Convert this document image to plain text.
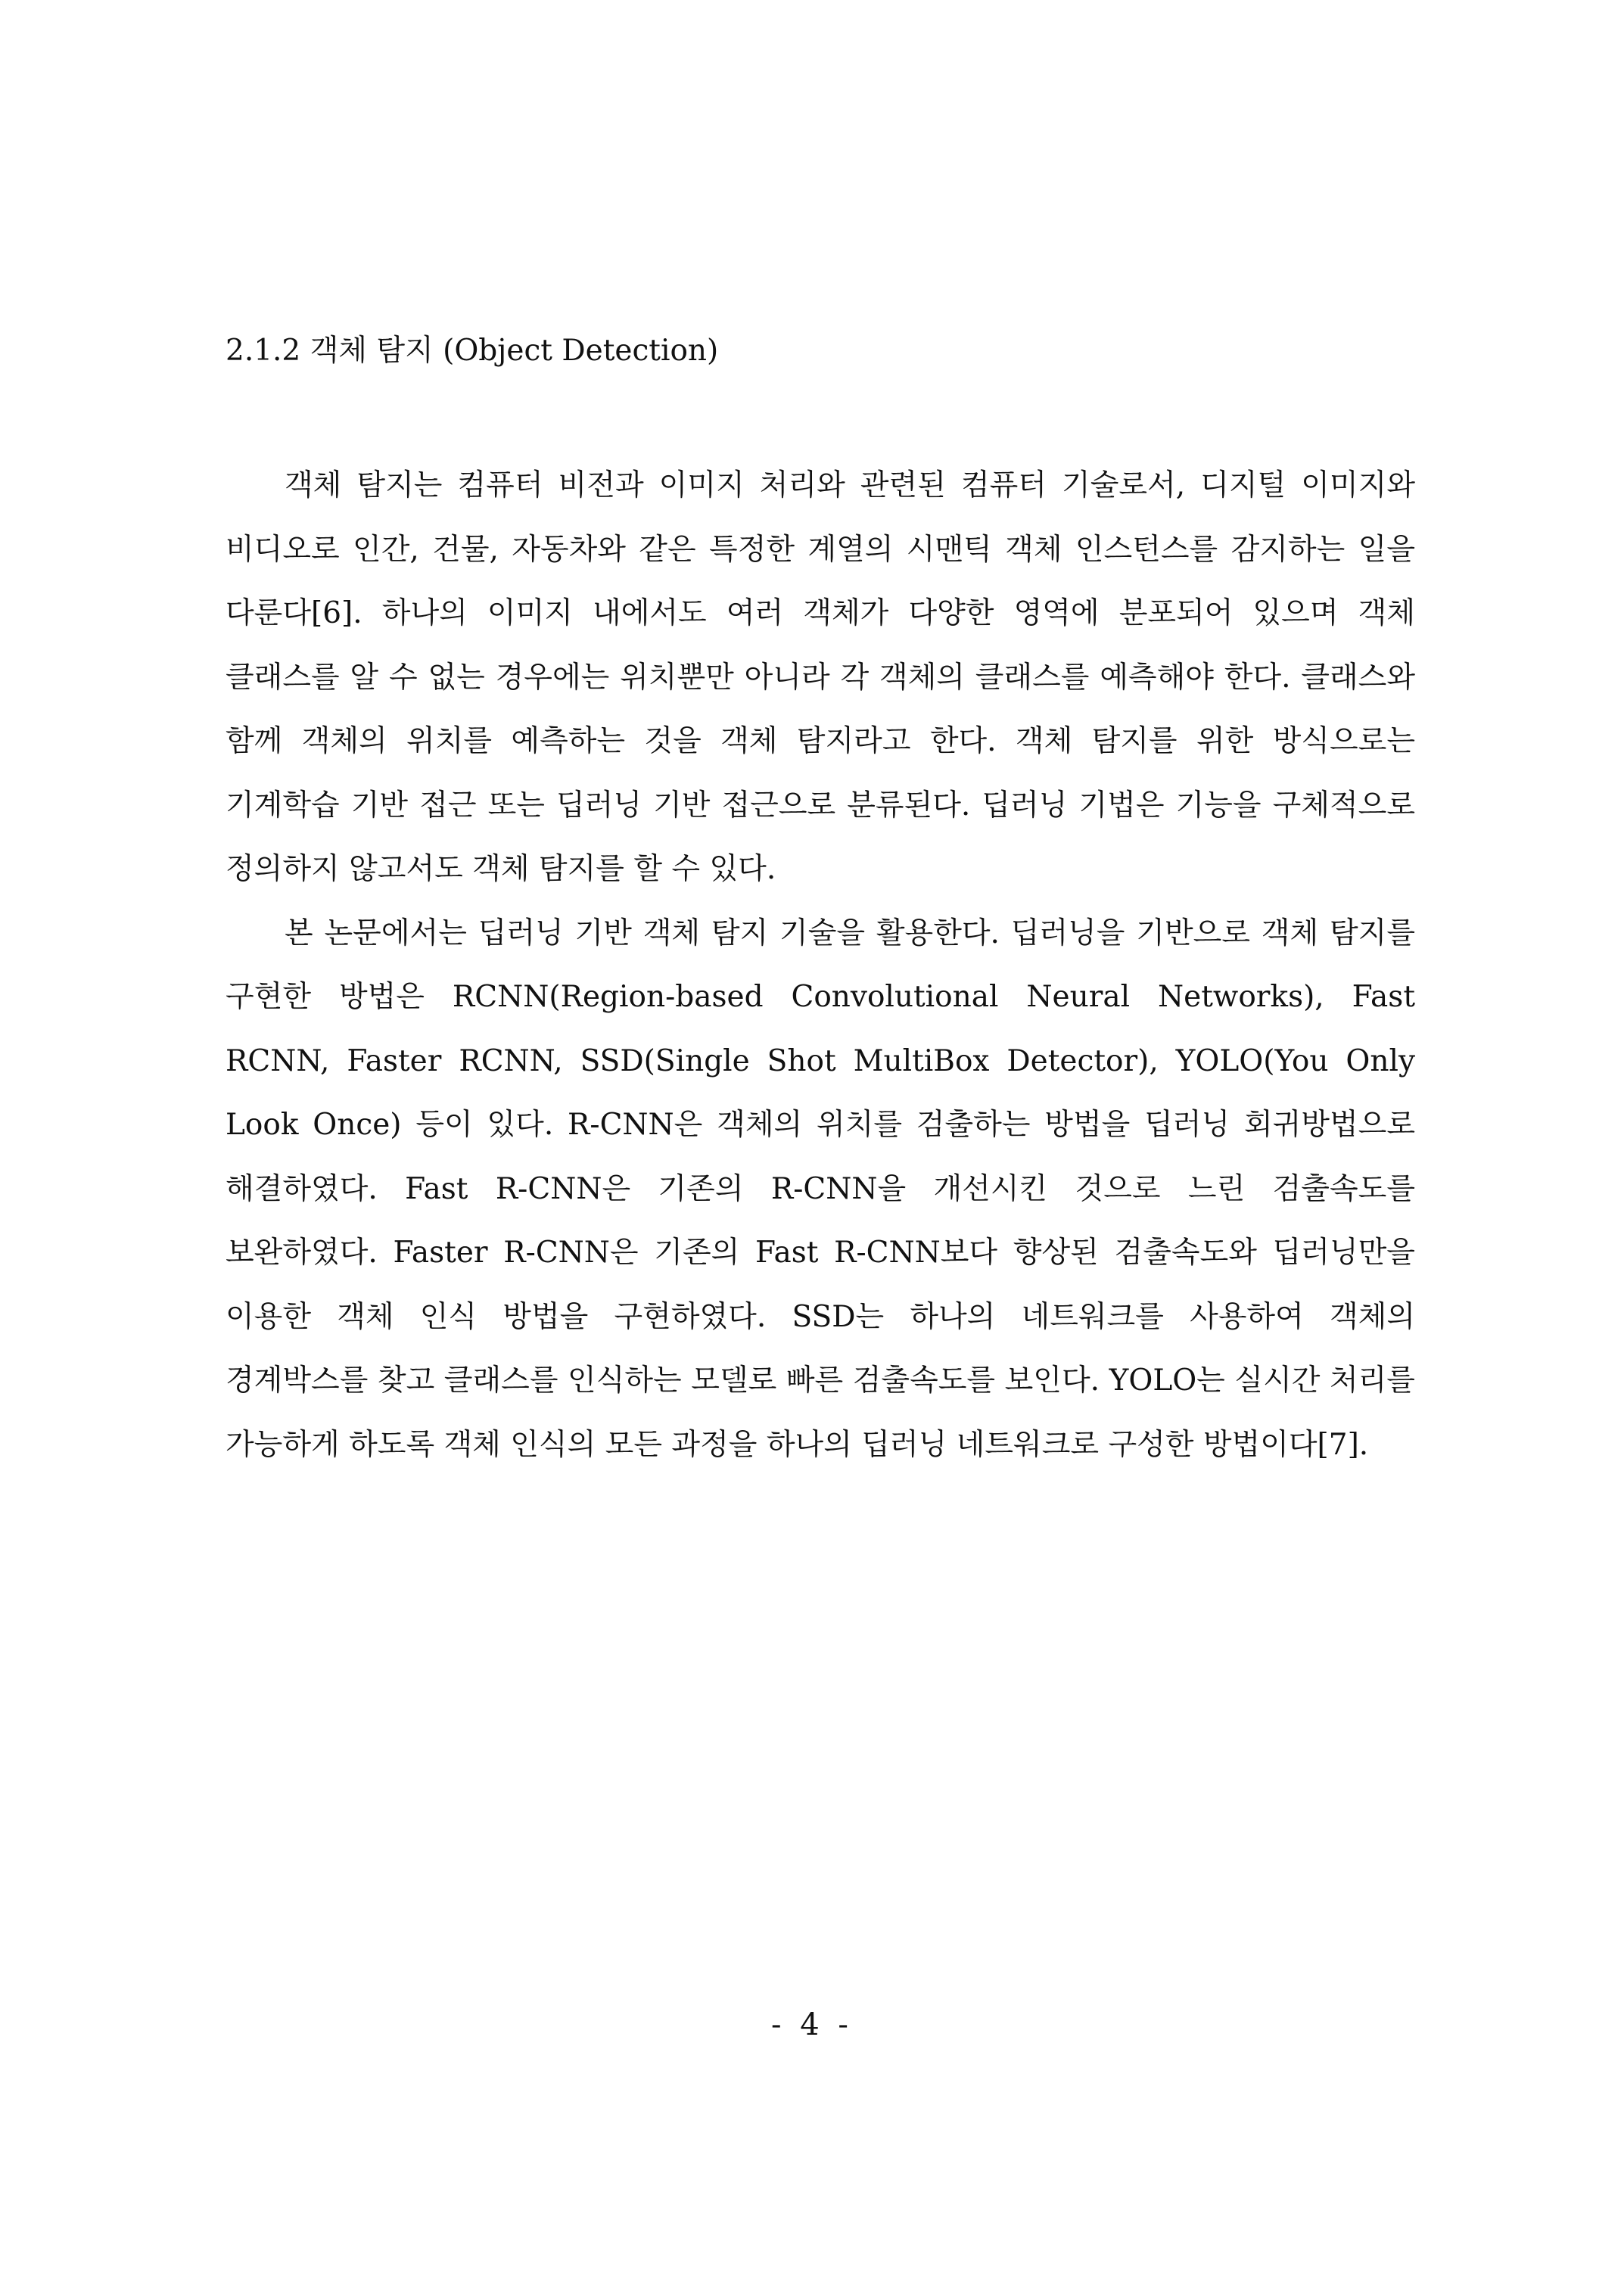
2.1.2 객체 탐지 (Object Detection)

객체 탐지는 컴퓨터 비전과 이미지 처리와 관련된 컴퓨터 기술로서, 디지털 이미지와 비디오로 인간, 건물, 자동차와 같은 특정한 계열의 시맨틱 객체 인스턴스를 감지하는 일을 다룬다[6]. 하나의 이미지 내에서도 여러 객체가 다양한 영역에 분포되어 있으며 객체 클래스를 알 수 없는 경우에는 위치뿐만 아니라 각 객체의 클래스를 예측해야 한다. 클래스와 함께 객체의 위치를 예측하는 것을 객체 탐지라고 한다. 객체 탐지를 위한 방식으로는 기계학습 기반 접근 또는 딥러닝 기반 접근으로 분류된다. 딥러닝 기법은 기능을 구체적으로 정의하지 않고서도 객체 탐지를 할 수 있다.

본 논문에서는 딥러닝 기반 객체 탐지 기술을 활용한다. 딥러닝을 기반으로 객체 탐지를 구현한 방법은 RCNN(Region-based Convolutional Neural Networks), Fast RCNN, Faster RCNN, SSD(Single Shot MultiBox Detector), YOLO(You Only Look Once) 등이 있다. R-CNN은 객체의 위치를 검출하는 방법을 딥러닝 회귀방법으로 해결하였다. Fast R-CNN은 기존의 R-CNN을 개선시킨 것으로 느린 검출속도를 보완하였다. Faster R-CNN은 기존의 Fast R-CNN보다 향상된 검출속도와 딥러닝만을 이용한 객체 인식 방법을 구현하였다. SSD는 하나의 네트워크를 사용하여 객체의 경계박스를 찾고 클래스를 인식하는 모델로 빠른 검출속도를 보인다. YOLO는 실시간 처리를 가능하게 하도록 객체 인식의 모든 과정을 하나의 딥러닝 네트워크로 구성한 방법이다[7].

- 4 -
